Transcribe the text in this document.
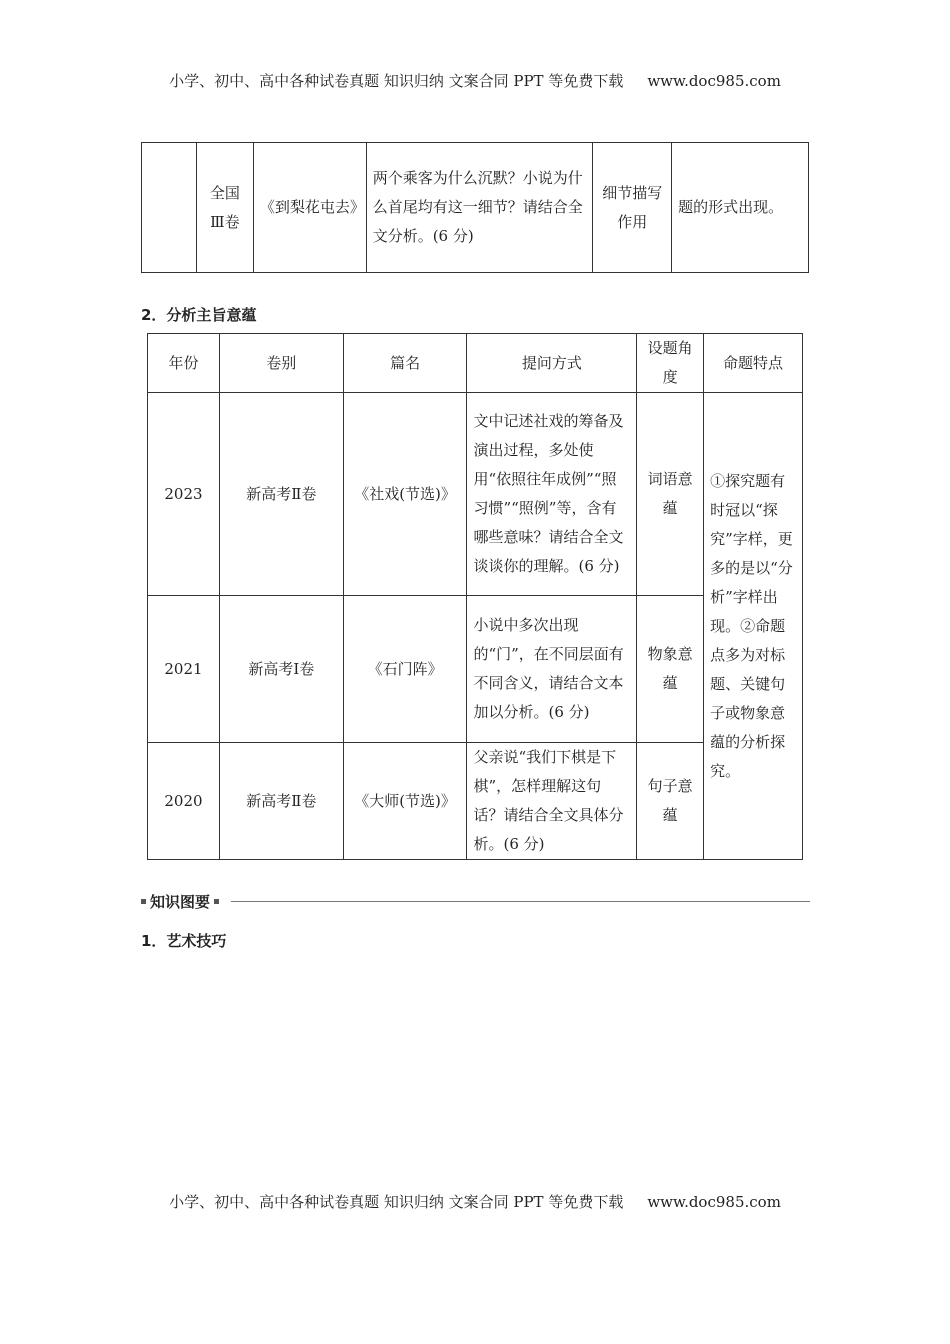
小学、初中、高中各种试卷真题 知识归纳 文案合同 PPT 等免费下载 www.doc985.com
	全国Ⅲ卷	《到梨花屯去》	两个乘客为什么沉默？小说为什么首尾均有这一细节？请结合全文分析。(6 分)	细节描写作用	题的形式出现。
2．分析主旨意蕴
年份	卷别	篇名	提问方式	设题角度	命题特点
2023	新高考Ⅱ卷	《社戏(节选)》	文中记述社戏的筹备及演出过程，多处使用“依照往年成例”“照习惯”“照例”等，含有哪些意味？请结合全文谈谈你的理解。(6 分)	词语意蕴	①探究题有时冠以“探究”字样，更多的是以“分析”字样出现。②命题点多为对标题、关键句子或物象意蕴的分析探究。
2021	新高考Ⅰ卷	《石门阵》	小说中多次出现的“门”，在不同层面有不同含义，请结合文本加以分析。(6 分)	物象意蕴	
2020	新高考Ⅱ卷	《大师(节选)》	父亲说“我们下棋是下棋”，怎样理解这句话？请结合全文具体分析。(6 分)	句子意蕴	
知识图要
1．艺术技巧
小学、初中、高中各种试卷真题 知识归纳 文案合同 PPT 等免费下载 www.doc985.com
